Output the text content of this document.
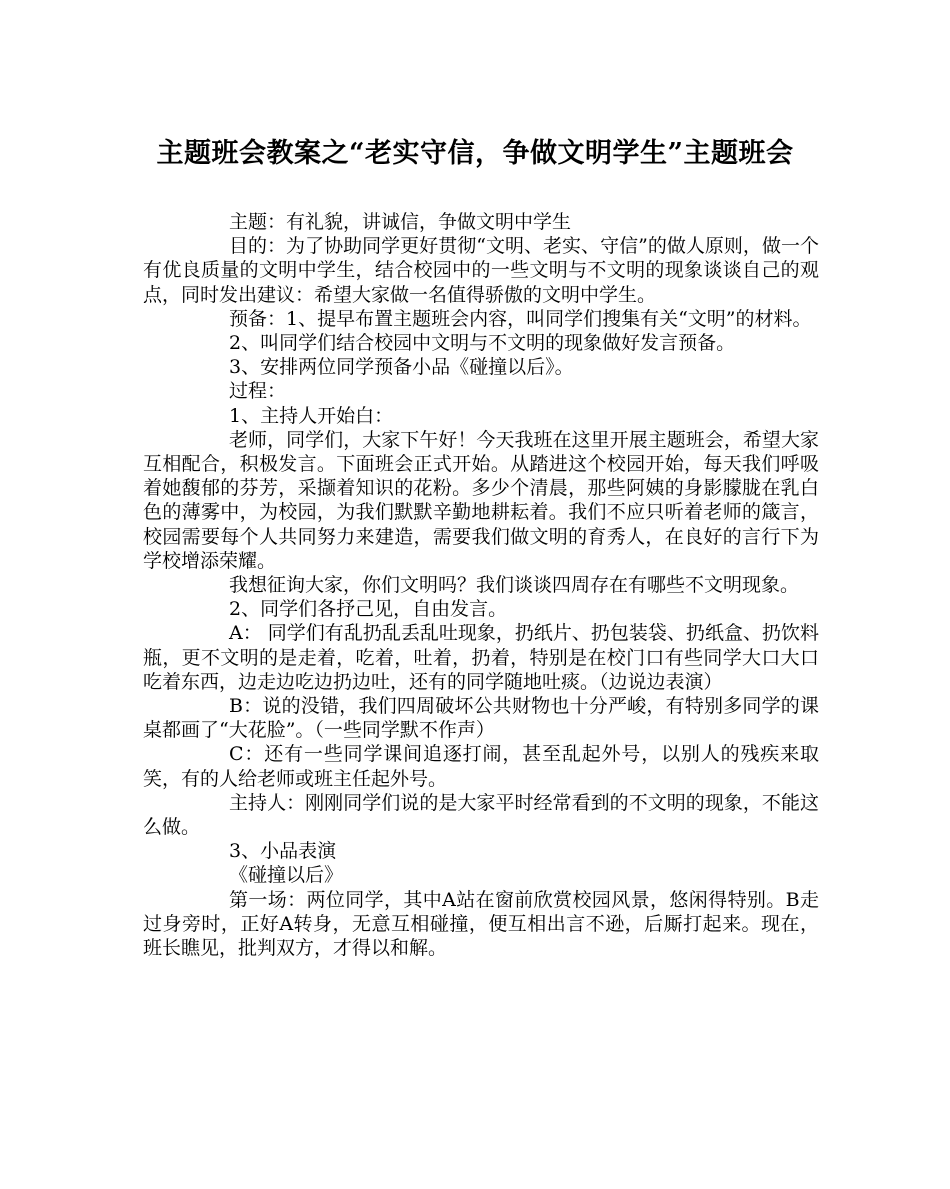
主题班会教案之“老实守信，争做文明学生”主题班会

主题：有礼貌，讲诚信，争做文明中学生

目的：为了协助同学更好贯彻“文明、老实、守信”的做人原则，做一个有优良质量的文明中学生，结合校园中的一些文明与不文明的现象谈谈自己的观点，同时发出建议：希望大家做一名值得骄傲的文明中学生。

预备：1、提早布置主题班会内容，叫同学们搜集有关“文明”的材料。

2、叫同学们结合校园中文明与不文明的现象做好发言预备。

3、安排两位同学预备小品《碰撞以后》。

过程：

1、主持人开始白：

老师，同学们，大家下午好！今天我班在这里开展主题班会，希望大家互相配合，积极发言。下面班会正式开始。从踏进这个校园开始，每天我们呼吸着她馥郁的芬芳，采撷着知识的花粉。多少个清晨，那些阿姨的身影朦胧在乳白色的薄雾中，为校园，为我们默默辛勤地耕耘着。我们不应只听着老师的箴言，校园需要每个人共同努力来建造，需要我们做文明的育秀人，在良好的言行下为学校增添荣耀。

我想征询大家，你们文明吗？我们谈谈四周存在有哪些不文明现象。

2、同学们各抒己见，自由发言。

A： 同学们有乱扔乱丢乱吐现象，扔纸片、扔包装袋、扔纸盒、扔饮料瓶，更不文明的是走着，吃着，吐着，扔着，特别是在校门口有些同学大口大口吃着东西，边走边吃边扔边吐，还有的同学随地吐痰。（边说边表演）

B：说的没错，我们四周破坏公共财物也十分严峻，有特别多同学的课桌都画了“大花脸”。（一些同学默不作声）

C：还有一些同学课间追逐打闹，甚至乱起外号，以别人的残疾来取笑，有的人给老师或班主任起外号。

主持人：刚刚同学们说的是大家平时经常看到的不文明的现象，不能这么做。

3、小品表演

《碰撞以后》

第一场：两位同学，其中A站在窗前欣赏校园风景，悠闲得特别。B走过身旁时，正好A转身，无意互相碰撞，便互相出言不逊，后厮打起来。现在，班长瞧见，批判双方，才得以和解。
